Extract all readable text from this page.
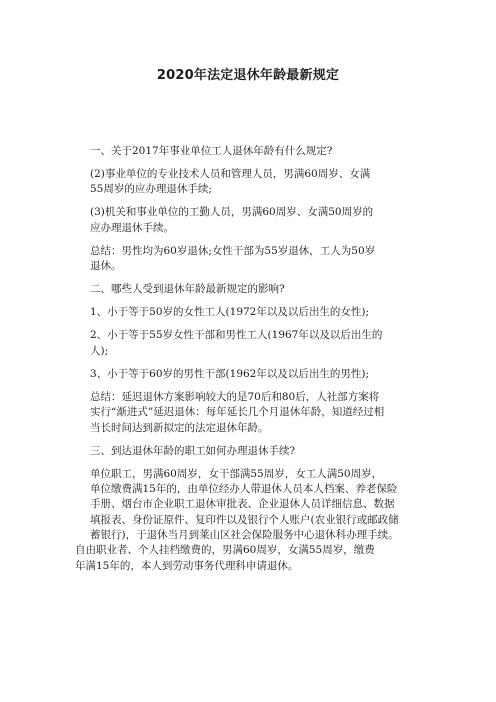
2020年法定退休年龄最新规定
一、关于2017年事业单位工人退休年龄有什么规定?
(2)事业单位的专业技术人员和管理人员，男满60周岁、女满
55周岁的应办理退休手续;
(3)机关和事业单位的工勤人员，男满60周岁、女满50周岁的
应办理退休手续。
总结：男性均为60岁退休;女性干部为55岁退休，工人为50岁
退休。
二、哪些人受到退休年龄最新规定的影响?
1、小于等于50岁的女性工人(1972年以及以后出生的女性);
2、小于等于55岁女性干部和男性工人(1967年以及以后出生的
人);
3、小于等于60岁的男性干部(1962年以及以后出生的男性);
总结：延迟退休方案影响较大的是70后和80后，人社部方案将
实行“渐进式”延迟退休：每年延长几个月退休年龄，知道经过相
当长时间达到新拟定的法定退休年龄。
三、到达退休年龄的职工如何办理退休手续?
单位职工，男满60周岁，女干部满55周岁，女工人满50周岁，
单位缴费满15年的，由单位经办人带退休人员本人档案、养老保险
手册、烟台市企业职工退休审批表、企业退休人员详细信息、数据
填报表、身份证原件、复印件以及银行个人账户(农业银行或邮政储
蓄银行)，于退休当月到莱山区社会保险服务中心退休科办理手续。
自由职业者、个人挂档缴费的，男满60周岁，女满55周岁，缴费
年满15年的，本人到劳动事务代理科申请退休。
